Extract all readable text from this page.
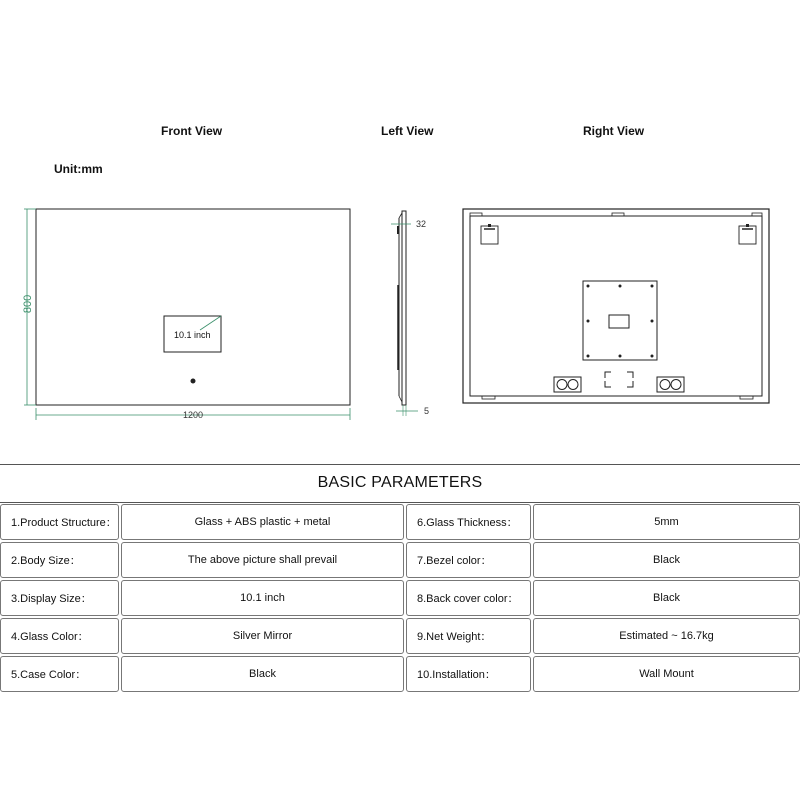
Front View	Left View	Right View
Unit:mm
10.1 inch
800
1200
32
5
BASIC PARAMETERS
1.Product Structure：	Glass + ABS plastic + metal	6.Glass Thickness：	5mm
2.Body Size：	The above picture shall prevail	7.Bezel color：	Black
3.Display Size：	10.1 inch	8.Back cover color：	Black
4.Glass Color：	Silver Mirror	9.Net Weight：	Estimated ~ 16.7kg
5.Case Color：	Black	10.Installation：	Wall Mount
